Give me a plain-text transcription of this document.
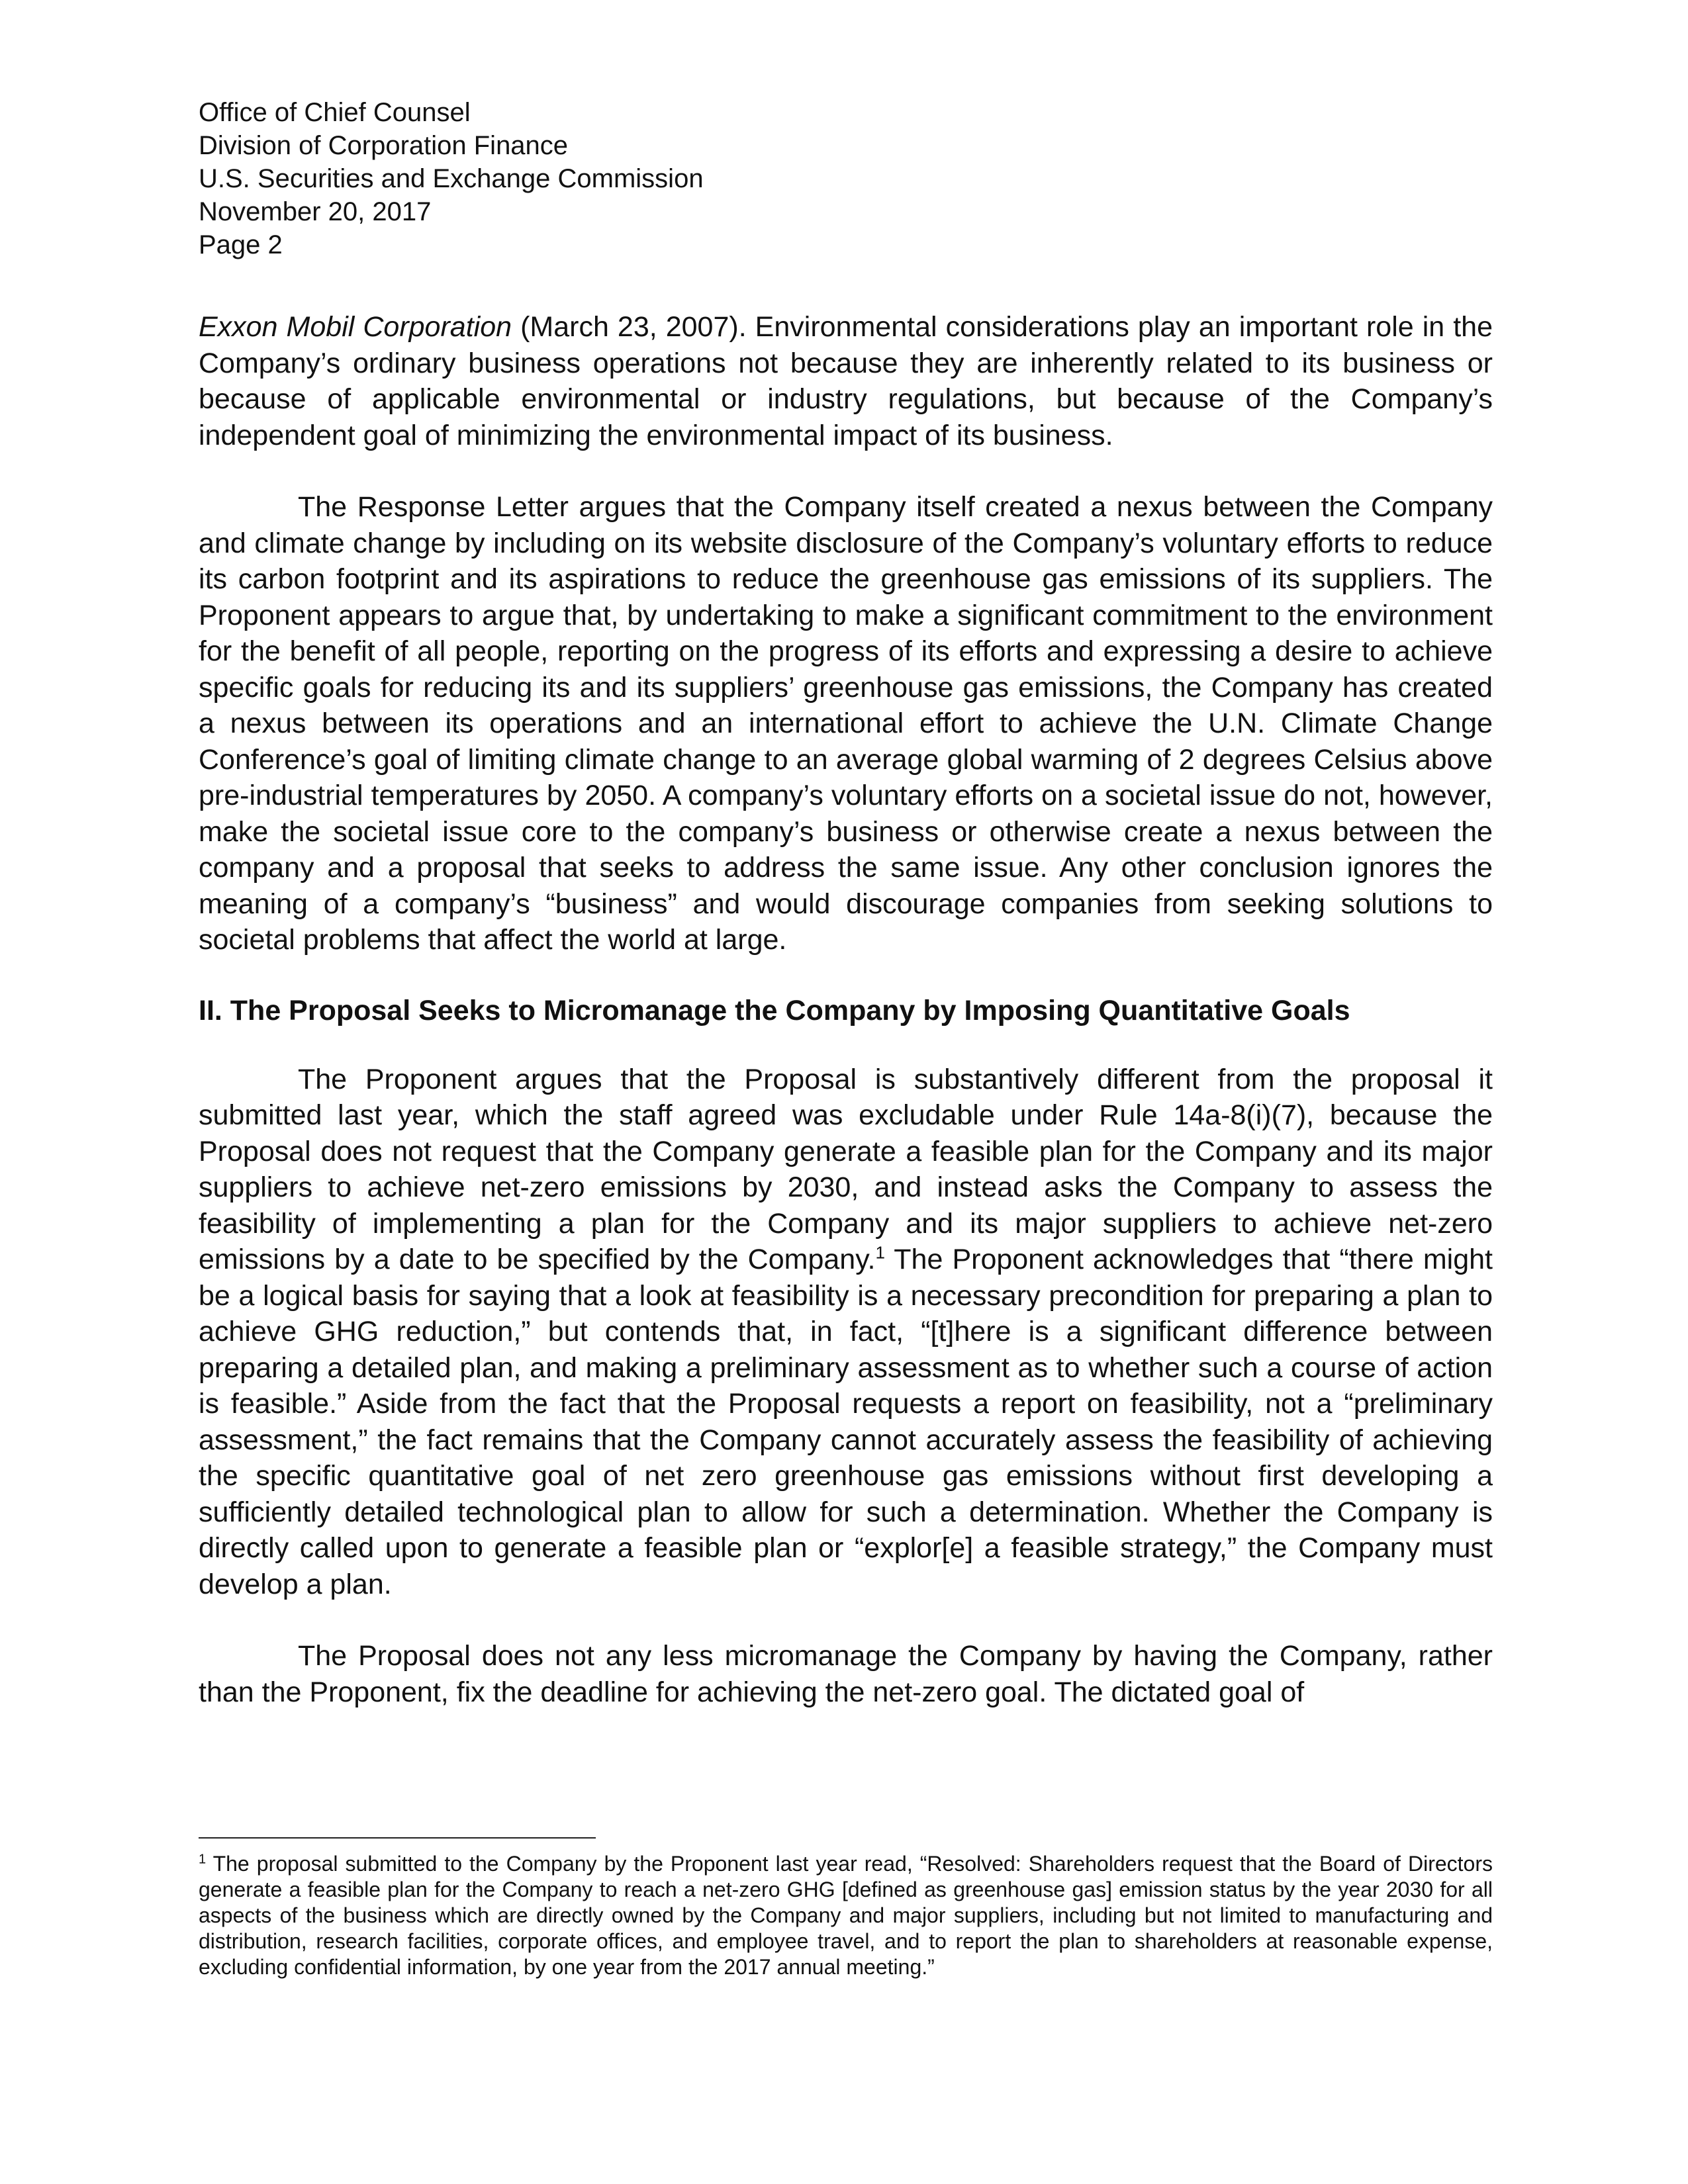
Office of Chief Counsel
Division of Corporation Finance
U.S. Securities and Exchange Commission
November 20, 2017
Page 2

Exxon Mobil Corporation (March 23, 2007). Environmental considerations play an important role in the Company’s ordinary business operations not because they are inherently related to its business or because of applicable environmental or industry regulations, but because of the Company’s independent goal of minimizing the environmental impact of its business.

The Response Letter argues that the Company itself created a nexus between the Company and climate change by including on its website disclosure of the Company’s voluntary efforts to reduce its carbon footprint and its aspirations to reduce the greenhouse gas emissions of its suppliers. The Proponent appears to argue that, by undertaking to make a significant commitment to the environment for the benefit of all people, reporting on the progress of its efforts and expressing a desire to achieve specific goals for reducing its and its suppliers’ greenhouse gas emissions, the Company has created a nexus between its operations and an international effort to achieve the U.N. Climate Change Conference’s goal of limiting climate change to an average global warming of 2 degrees Celsius above pre-industrial temperatures by 2050. A company’s voluntary efforts on a societal issue do not, however, make the societal issue core to the company’s business or otherwise create a nexus between the company and a proposal that seeks to address the same issue. Any other conclusion ignores the meaning of a company’s “business” and would discourage companies from seeking solutions to societal problems that affect the world at large.

II. The Proposal Seeks to Micromanage the Company by Imposing Quantitative Goals

The Proponent argues that the Proposal is substantively different from the proposal it submitted last year, which the staff agreed was excludable under Rule 14a-8(i)(7), because the Proposal does not request that the Company generate a feasible plan for the Company and its major suppliers to achieve net-zero emissions by 2030, and instead asks the Company to assess the feasibility of implementing a plan for the Company and its major suppliers to achieve net-zero emissions by a date to be specified by the Company.$^1$ The Proponent acknowledges that “there might be a logical basis for saying that a look at feasibility is a necessary precondition for preparing a plan to achieve GHG reduction,” but contends that, in fact, “[t]here is a significant difference between preparing a detailed plan, and making a preliminary assessment as to whether such a course of action is feasible.” Aside from the fact that the Proposal requests a report on feasibility, not a “preliminary assessment,” the fact remains that the Company cannot accurately assess the feasibility of achieving the specific quantitative goal of net zero greenhouse gas emissions without first developing a sufficiently detailed technological plan to allow for such a determination. Whether the Company is directly called upon to generate a feasible plan or “explor[e] a feasible strategy,” the Company must develop a plan.

The Proposal does not any less micromanage the Company by having the Company, rather than the Proponent, fix the deadline for achieving the net-zero goal. The dictated goal of

$^1$ The proposal submitted to the Company by the Proponent last year read, “Resolved: Shareholders request that the Board of Directors generate a feasible plan for the Company to reach a net-zero GHG [defined as greenhouse gas] emission status by the year 2030 for all aspects of the business which are directly owned by the Company and major suppliers, including but not limited to manufacturing and distribution, research facilities, corporate offices, and employee travel, and to report the plan to shareholders at reasonable expense, excluding confidential information, by one year from the 2017 annual meeting.”
